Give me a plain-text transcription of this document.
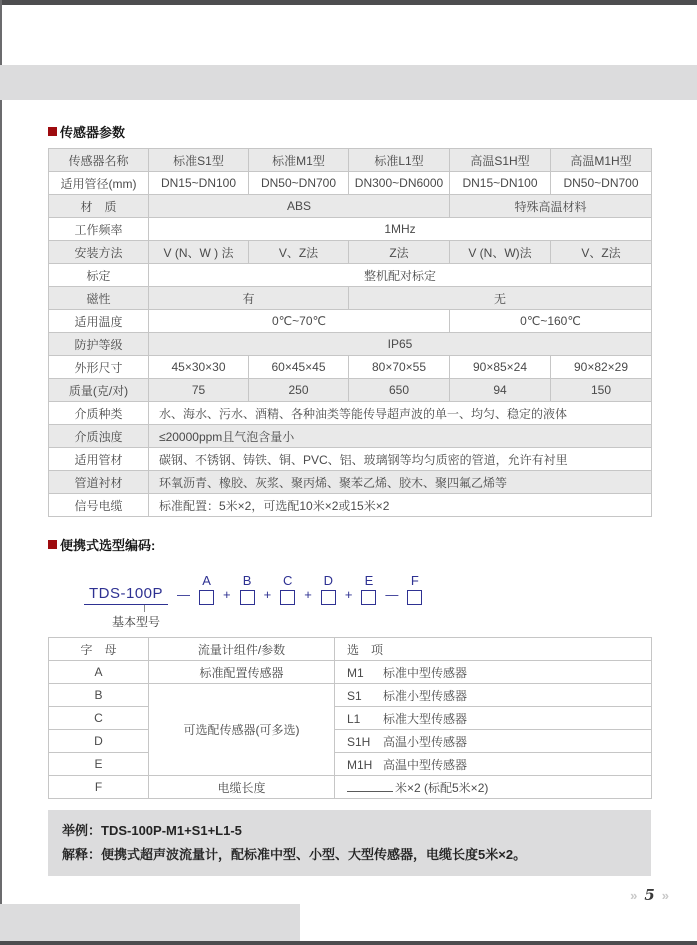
传感器参数
传感器名称	标准S1型	标准M1型	标准L1型	高温S1H型	高温M1H型
适用管径(mm)	DN15~DN100	DN50~DN700	DN300~DN6000	DN15~DN100	DN50~DN700
材　质	ABS			特殊高温材料	
工作频率	1MHz				
安装方法	V (N、W ) 法	V、Z法	Z法	V (N、W)法	V、Z法
标定	整机配对标定				
磁性	有		无		
适用温度	0℃~70℃			0℃~160℃	
防护等级	IP65				
外形尺寸	45×30×30	60×45×45	80×70×55	90×85×24	90×82×29
质量(克/对)	75	250	650	94	150
介质种类	水、海水、污水、酒精、各种油类等能传导超声波的单一、均匀、稳定的液体				
介质浊度	≤20000ppm且气泡含量小				
适用管材	碳钢、不锈钢、铸铁、铜、PVC、铝、玻璃钢等均匀质密的管道，允许有衬里				
管道衬材	环氧沥青、橡胶、灰浆、聚丙烯、聚苯乙烯、胶木、聚四氟乙烯等				
信号电缆	标准配置：5米×2，可选配10米×2或15米×2				
便携式选型编码:
TDS-100P	—
A
+
B
+
C
+
D
+
E
—
F
基本型号
字　母	流量计组件/参数	选　项
A	标准配置传感器	M1 标准中型传感器
B	可选配传感器(可多选)	S1 标准小型传感器
C		L1 标准大型传感器
D		S1H 高温小型传感器
E		M1H 高温中型传感器
F	电缆长度	米×2 (标配5米×2)
举例：TDS-100P-M1+S1+L1-5
解释：便携式超声波流量计，配标准中型、小型、大型传感器，电缆长度5米×2。
» 5 »
